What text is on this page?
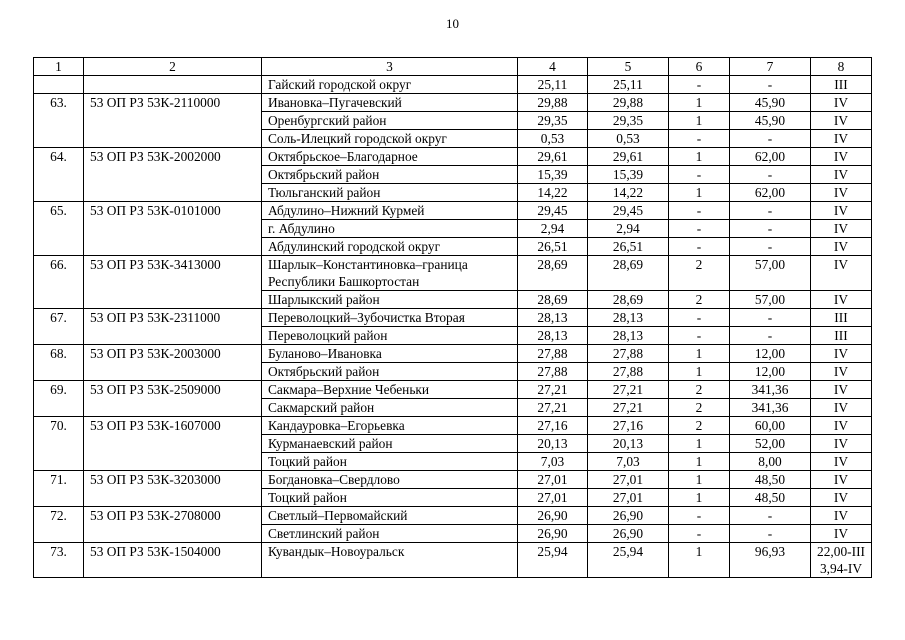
10
1	2	3	4	5	6	7	8
		Гайский городской округ	25,11	25,11	-	-	III
63.	53 ОП РЗ 53К-2110000	Ивановка–Пугачевский	29,88	29,88	1	45,90	IV
		Оренбургский район	29,35	29,35	1	45,90	IV
		Соль-Илецкий городской округ	0,53	0,53	-	-	IV
64.	53 ОП РЗ 53К-2002000	Октябрьское–Благодарное	29,61	29,61	1	62,00	IV
		Октябрьский район	15,39	15,39	-	-	IV
		Тюльганский район	14,22	14,22	1	62,00	IV
65.	53 ОП РЗ 53К-0101000	Абдулино–Нижний Курмей	29,45	29,45	-	-	IV
		г. Абдулино	2,94	2,94	-	-	IV
		Абдулинский городской округ	26,51	26,51	-	-	IV
66.	53 ОП РЗ 53К-3413000	Шарлык–Константиновка–граница Республики Башкортостан	28,69	28,69	2	57,00	IV
		Шарлыкский район	28,69	28,69	2	57,00	IV
67.	53 ОП РЗ 53К-2311000	Переволоцкий–Зубочистка Вторая	28,13	28,13	-	-	III
		Переволоцкий район	28,13	28,13	-	-	III
68.	53 ОП РЗ 53К-2003000	Буланово–Ивановка	27,88	27,88	1	12,00	IV
		Октябрьский район	27,88	27,88	1	12,00	IV
69.	53 ОП РЗ 53К-2509000	Сакмара–Верхние Чебеньки	27,21	27,21	2	341,36	IV
		Сакмарский район	27,21	27,21	2	341,36	IV
70.	53 ОП РЗ 53К-1607000	Кандауровка–Егорьевка	27,16	27,16	2	60,00	IV
		Курманаевский район	20,13	20,13	1	52,00	IV
		Тоцкий район	7,03	7,03	1	8,00	IV
71.	53 ОП РЗ 53К-3203000	Богдановка–Свердлово	27,01	27,01	1	48,50	IV
		Тоцкий район	27,01	27,01	1	48,50	IV
72.	53 ОП РЗ 53К-2708000	Светлый–Первомайский	26,90	26,90	-	-	IV
		Светлинский район	26,90	26,90	-	-	IV
73.	53 ОП РЗ 53К-1504000	Кувандык–Новоуральск	25,94	25,94	1	96,93	22,00-III
3,94-IV
